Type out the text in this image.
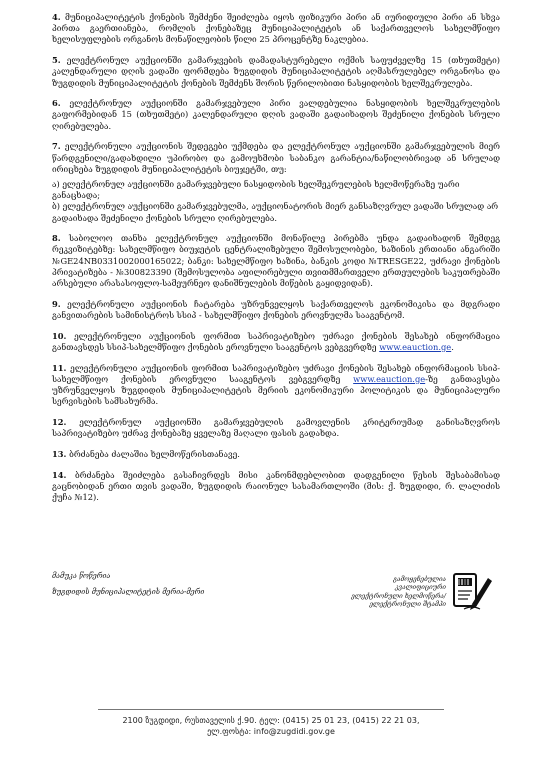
4. მუნიციპალიტეტის ქონების შემძენი შეიძლება იყოს ფიზიკური პირი ან იურიდიული პირი ან სხვა პირთა გაერთიანება, რომლის ქონებაზეც მუნიციპალიტეტის ან საქართველოს სახელმწიფო ხელისუფლების ორგანოს მონაწილეობის წილი 25 პროცენტზე ნაკლებია.

5. ელექტრონულ აუქციონში გამარჯვების დამადასტურებელი ოქმის საფუძველზე 15 (თხუთმეტი) კალენდარული დღის ვადაში ფორმდება ზუგდიდის მუნიციპალიტეტის აღმასრულებელ ორგანოსა და ზუგდიდის მუნიციპალიტეტის ქონების შემძენს შორის წერილობითი ნასყიდობის ხელშეკრულება.

6. ელექტრონულ აუქციონში გამარჯვებული პირი ვალდებულია ნასყიდობის ხელშეკრულების გაფორმებიდან 15 (თხუთმეტი) კალენდარული დღის ვადაში გადაიხადოს შეძენილი ქონების სრული ღირებულება.

7. ელექტრონული აუქციონის შედეგები უქმდება და ელექტრონულ აუქციონში გამარჯვებულის მიერ წარდგენილი/გადახდილი უპირობო და გამოუხმობი საბანკო გარანტია/ნაწილობრივად ან სრულად ირიცხება ზუგდიდის მუნიციპალიტეტის ბიუჯეტში, თუ:

ა) ელექტრონულ აუქციონში გამარჯვებული ნასყიდობის ხელშეკრულების ხელმოწერაზე უარი განაცხადა;

ბ) ელექტრონულ აუქციონში გამარჯვებულმა, აუქციონატორის მიერ განსაზღვრულ ვადაში სრულად არ გადაიხადა შეძენილი ქონების სრული ღირებულება.

8. საბოლოო თანხა ელექტრონულ აუქციონში მონაწილე პირებმა უნდა გადაიხადონ შემდეგ რეკვიზიტებზე: სახელმწიფო ბიუჯეტის ცენტრალიზებული შემოსულობები, ხაზინის ერთიანი ანგარიში №GE24NB0331002000165022; ბანკი: სახელმწიფო ხაზინა, ბანკის კოდი №TRESGE22, უძრავი ქონების პრივატიზება - №300823390 (შემოსულობა აფილირებული თვითმმართველი ერთეულების საკუთრებაში არსებული არასასოფლო-სამეურნეო დანიშნულების მიწების გაყიდვიდან).

9. ელექტრონული აუქციონის ჩატარება უზრუნველყოს საქართველოს ეკონომიკისა და მდგრადი განვითარების სამინისტროს სსიპ - სახელმწიფო ქონების ეროვნულმა სააგენტომ.

10. ელექტრონული აუქციონის ფორმით საპრივატიზებო უძრავი ქონების შესახებ ინფორმაცია განთავსდეს სსიპ-სახელმწიფო ქონების ეროვნული სააგენტოს ვებგვერდზე www.eauction.ge.

11. ელექტრონული აუქციონის ფორმით საპრივატიზებო უძრავი ქონების შესახებ ინფორმაციის სსიპ-სახელმწიფო ქონების ეროვნული სააგენტოს ვებგვერდზე www.eauction.ge-ზე განთავსება უზრუნველყოს ზუგდიდის მუნიციპალიტეტის მერიის ეკონომიკური პოლიტიკის და მუნიციპალური სერვისების სამსახურმა.

12. ელექტრონულ აუქციონში გამარჯვებულის გამოვლენის კრიტერიუმად განისაზღვროს საპრივატიზებო უძრავ ქონებაზე ყველაზე მაღალი ფასის გადახდა.

13. ბრძანება ძალაშია ხელმოწერისთანავე.

14. ბრძანება შეიძლება გასაჩივრდეს მისი კანონმდებლობით დადგენილი წესის შესაბამისად გაცნობიდან ერთი თვის ვადაში, ზუგდიდის რაიონულ სასამართლოში (მის: ქ. ზუგდიდი, რ. ლალიძის ქუჩა №12).

მამუკა წოწერია
ზუგდიდის მუნიციპალიტეტის მერია-მერი
გამოყენებულია კვალიფიციური ელექტრონული ხელმოწერა/ ელექტრონული შტამპი
2100 ზუგდიდი, რუსთაველის ქ.90. ტელ: (0415) 25 01 23, (0415) 22 21 03,
ელ.ფოსტა: info@zugdidi.gov.ge
